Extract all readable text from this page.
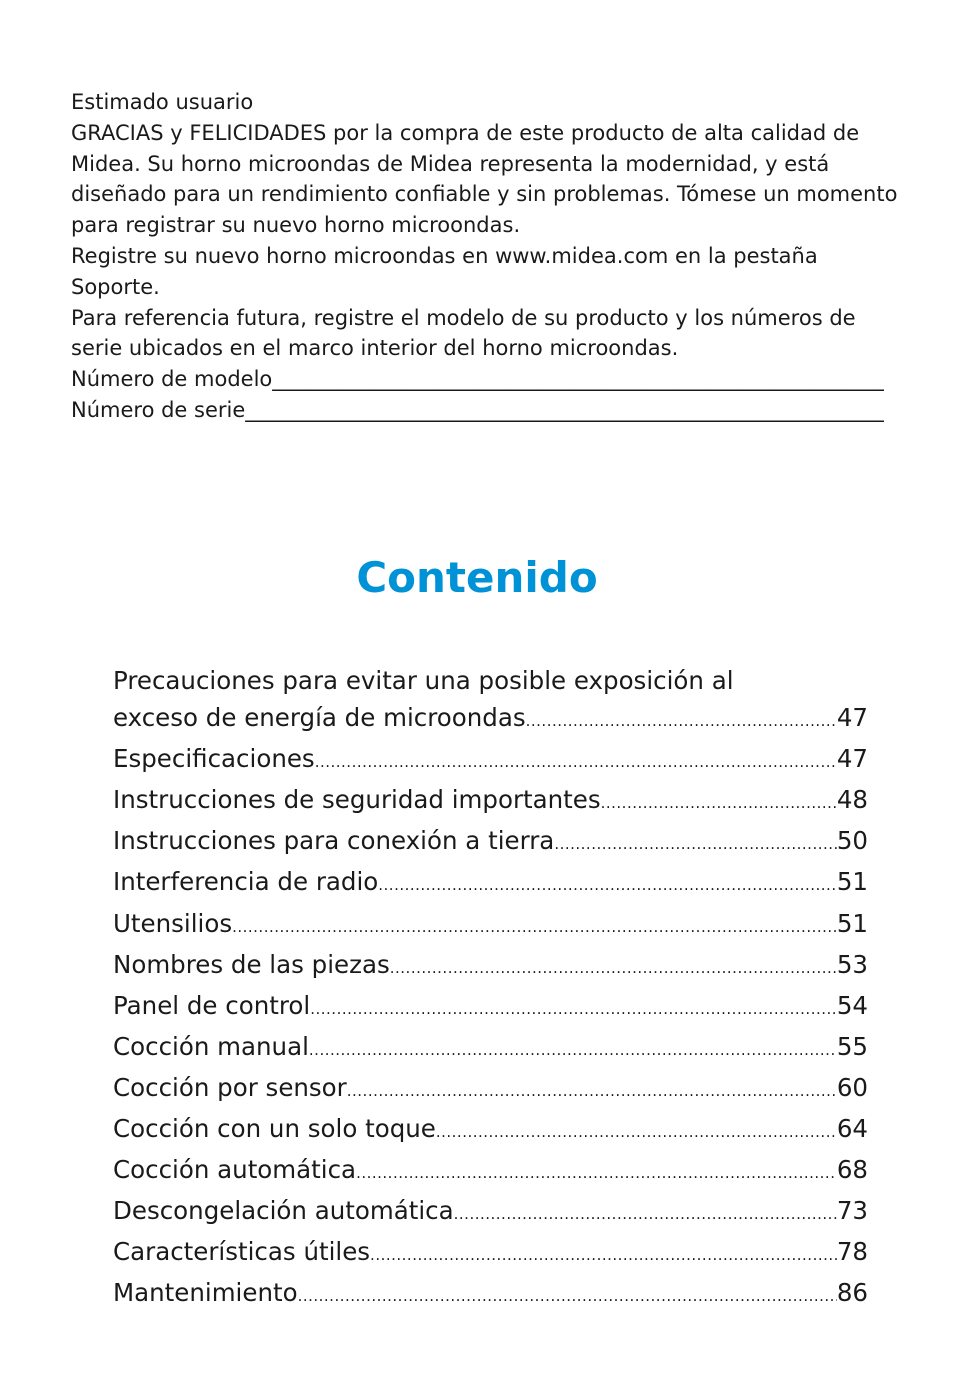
Estimado usuario

GRACIAS y FELICIDADES por la compra de este producto de alta calidad de Midea. Su horno microondas de Midea representa la modernidad, y está diseñado para un rendimiento confiable y sin problemas. Tómese un momento para registrar su nuevo horno microondas.

Registre su nuevo horno microondas en www.midea.com en la pestaña Soporte.

Para referencia futura, registre el modelo de su producto y los números de serie ubicados en el marco interior del horno microondas.

Número de modelo
_____
Número de serie
_____
Contenido
Precauciones para evitar una posible exposición al
exceso de energía de microondas .....	47
Especificaciones .....	47
Instrucciones de seguridad importantes .....	48
Instrucciones para conexión a tierra .....	50
Interferencia de radio .....	51
Utensilios .....	51
Nombres de las piezas .....	53
Panel de control .....	54
Cocción manual .....	55
Cocción por sensor .....	60
Cocción con un solo toque .....	64
Cocción automática .....	68
Descongelación automática .....	73
Características útiles .....	78
Mantenimiento .....	86
